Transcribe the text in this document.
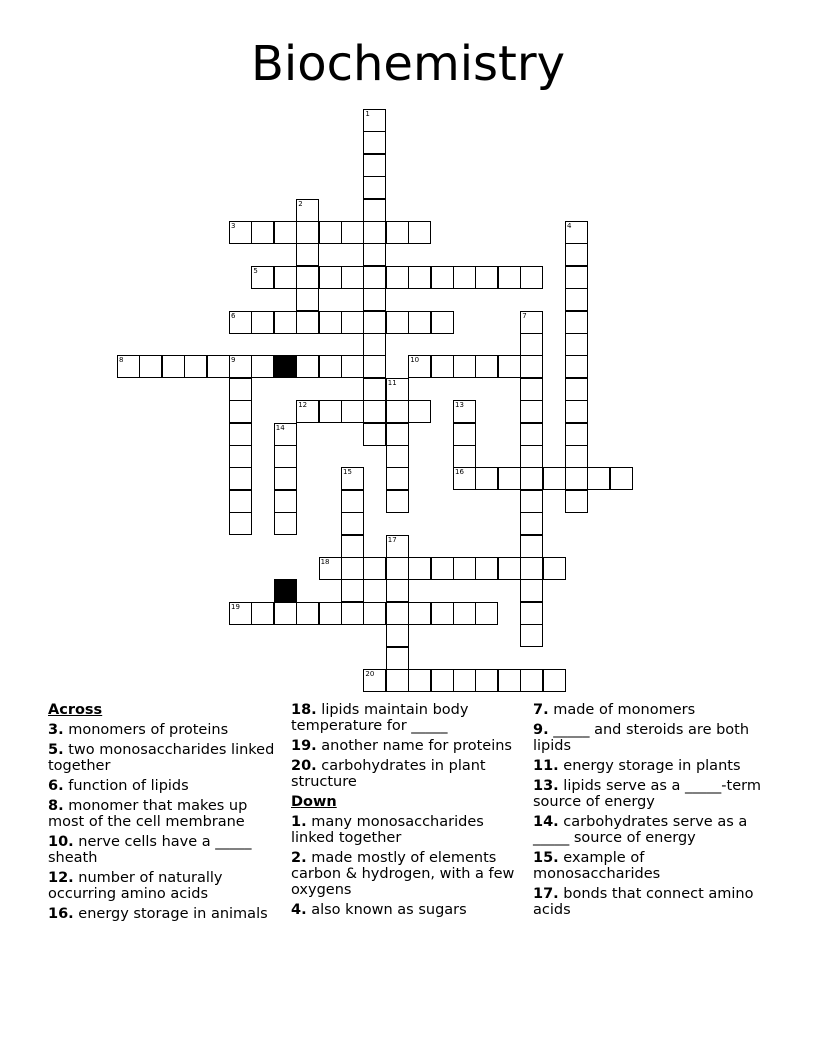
Biochemistry
1
2
3	4
5
6	7
8	9	10
11
12	13
16
14
15
17
18
19
20
Across
3. monomers of proteins
5. two monosaccharides linked together
6. function of lipids
8. monomer that makes up most of the cell membrane
10. nerve cells have a _____ sheath
12. number of naturally occurring amino acids
16. energy storage in animals
18. lipids maintain body temperature for _____
19. another name for proteins
20. carbohydrates in plant structure
Down
1. many monosaccharides linked together
2. made mostly of elements carbon & hydrogen, with a few oxygens
4. also known as sugars
7. made of monomers
9. _____ and steroids are both lipids
11. energy storage in plants
13. lipids serve as a _____-term source of energy
14. carbohydrates serve as a _____ source of energy
15. example of monosaccharides
17. bonds that connect amino acids
